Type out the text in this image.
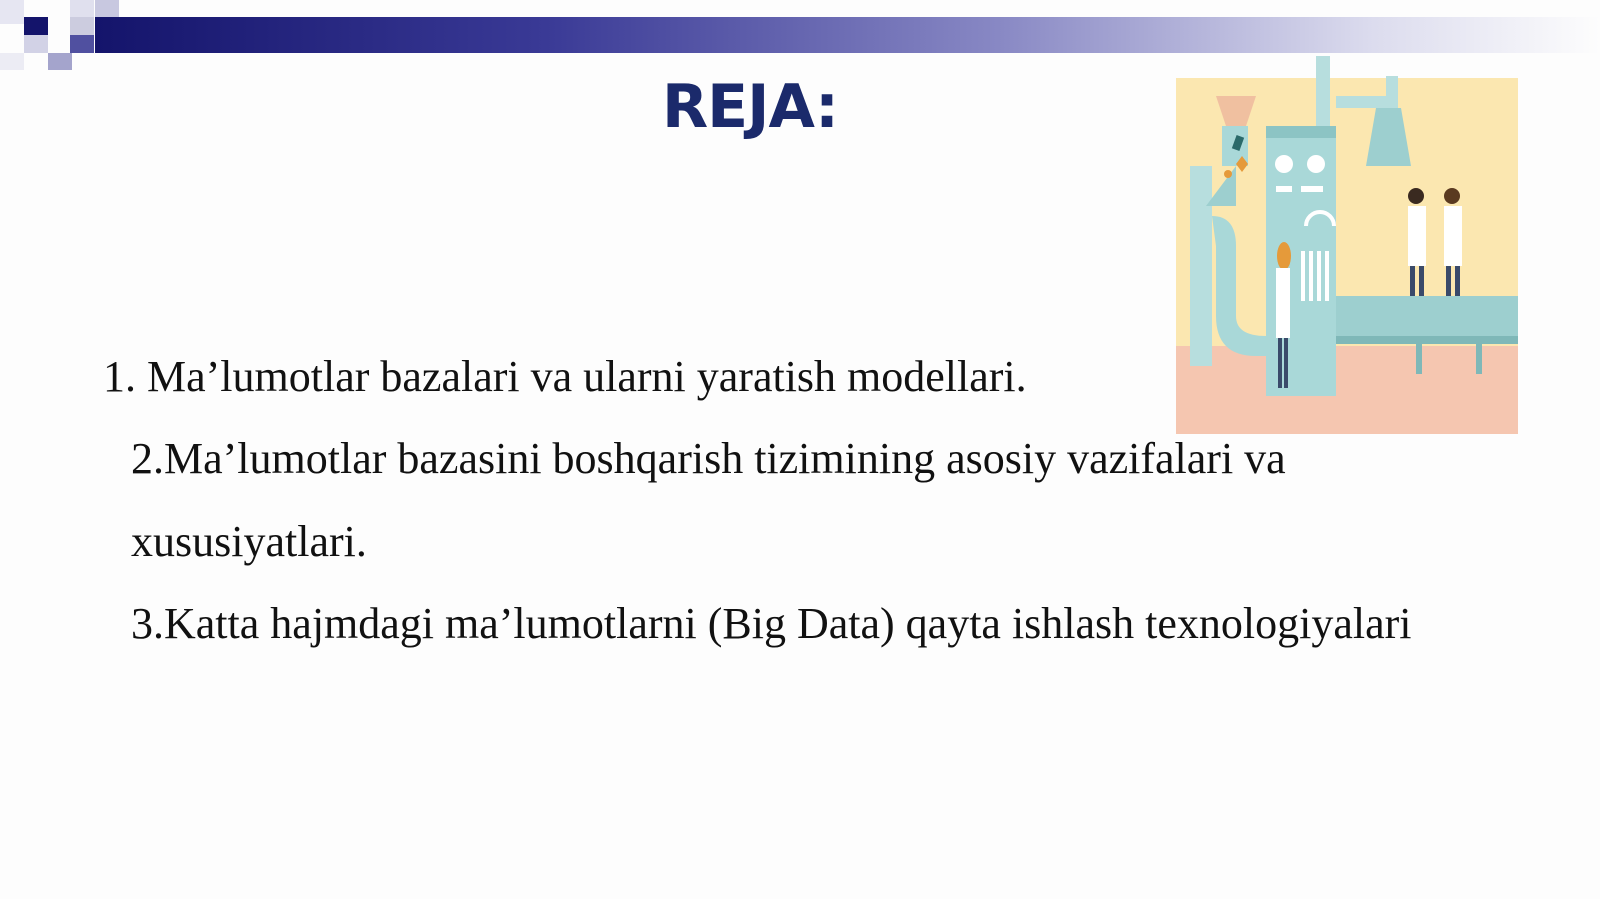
REJA:
1. Ma’lumotlar bazalari va ularni yaratish modellari.
2.Ma’lumotlar bazasini boshqarish tizimining asosiy vazifalari va
xususiyatlari.
3.Katta hajmdagi ma’lumotlarni (Big Data) qayta ishlash texnologiyalari
